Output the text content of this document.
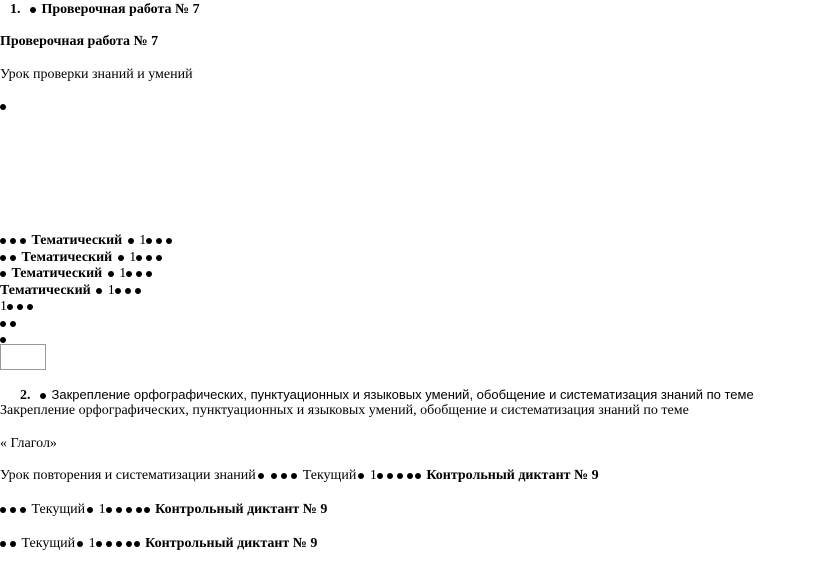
1. Проверочная работа № 7
Проверочная работа № 7
Урок проверки знаний и умений
Тематический 1
Тематический 1
Тематический 1
Тематический 1
1
2. Закрепление орфографических, пунктуационных и языковых умений, обобщение и систематизация знаний по теме
Закрепление орфографических, пунктуационных и языковых умений, обобщение и систематизация знаний по теме
« Глагол»
Урок повторения и систематизации знаний	Текущий 1	Контрольный диктант № 9
Текущий 1	Контрольный диктант № 9
Текущий 1	Контрольный диктант № 9
